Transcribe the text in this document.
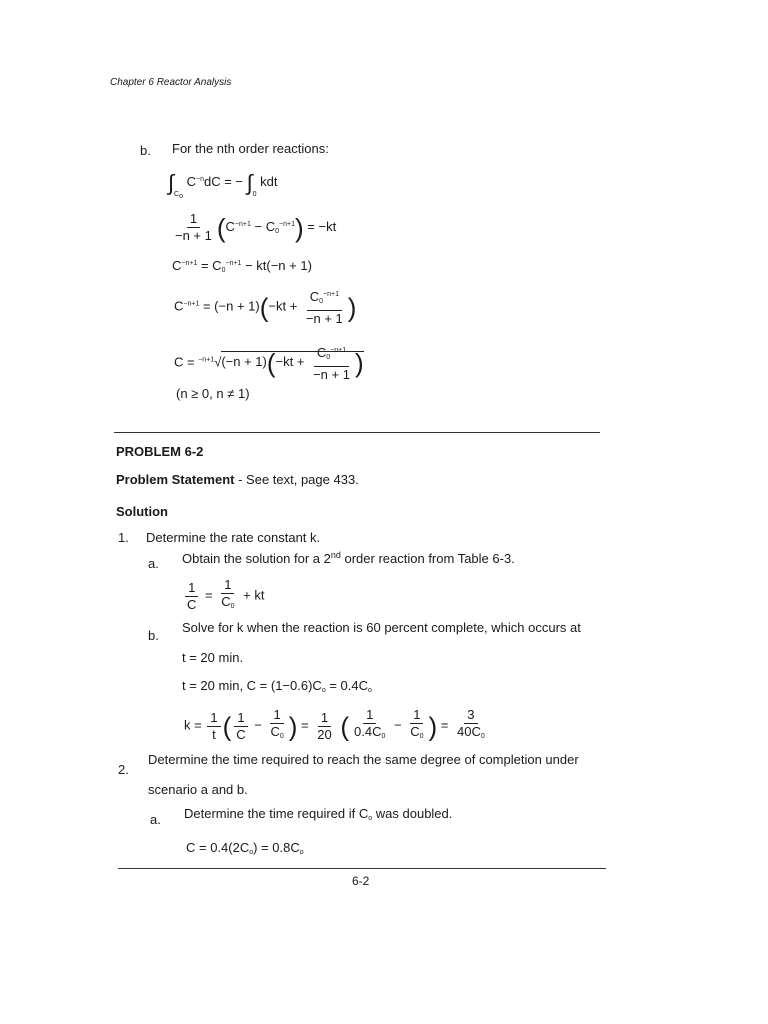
Chapter 6 Reactor Analysis
b. For the nth order reactions:
$\int_{C_o}$ $C^{-n}dC$ = − $\int_0$ kdt
$\frac{1}{-n + 1} (C^{-n+1} - C_0^{-n+1}) = -kt$
$C^{-n+1} = C_0^{-n+1} - kt(-n + 1)$
$C^{-n+1} = (-n + 1)(-kt + \frac{C_0^{-n+1}}{-n + 1}$ )
$C = ^{-n+1}√(-n + 1)(-kt + \frac{C_0^{-n+1}}{-n + 1}$ )
(n ≥ 0, n ≠ 1)
PROBLEM 6-2
Problem Statement - See text, page 433.
Solution
1. Determine the rate constant k.
a. Obtain the solution for a 2nd order reaction from Table 6-3.
$\frac{1}{C} = \frac{1}{C_0}$ + kt
b.
Solve for k when the reaction is 60 percent complete, which occurs at
t = 20 min.
t = 20 min, $C = (1-0.6)C_o = 0.4C_o$
$k = \frac{1}{t}$ ( $\frac{1}{C} - \frac{1}{C_0}$ ) = $\frac{1}{20}$ ( $\frac{1}{0.4C_0} - \frac{1}{C_0}$ ) = $\frac{3}{40C_0}$
2.
Determine the time required to reach the same degree of completion under
scenario a and b.
a. Determine the time required if $C_o$ was doubled.
$C = 0.4(2C_o) = 0.8C_o$
6-2
